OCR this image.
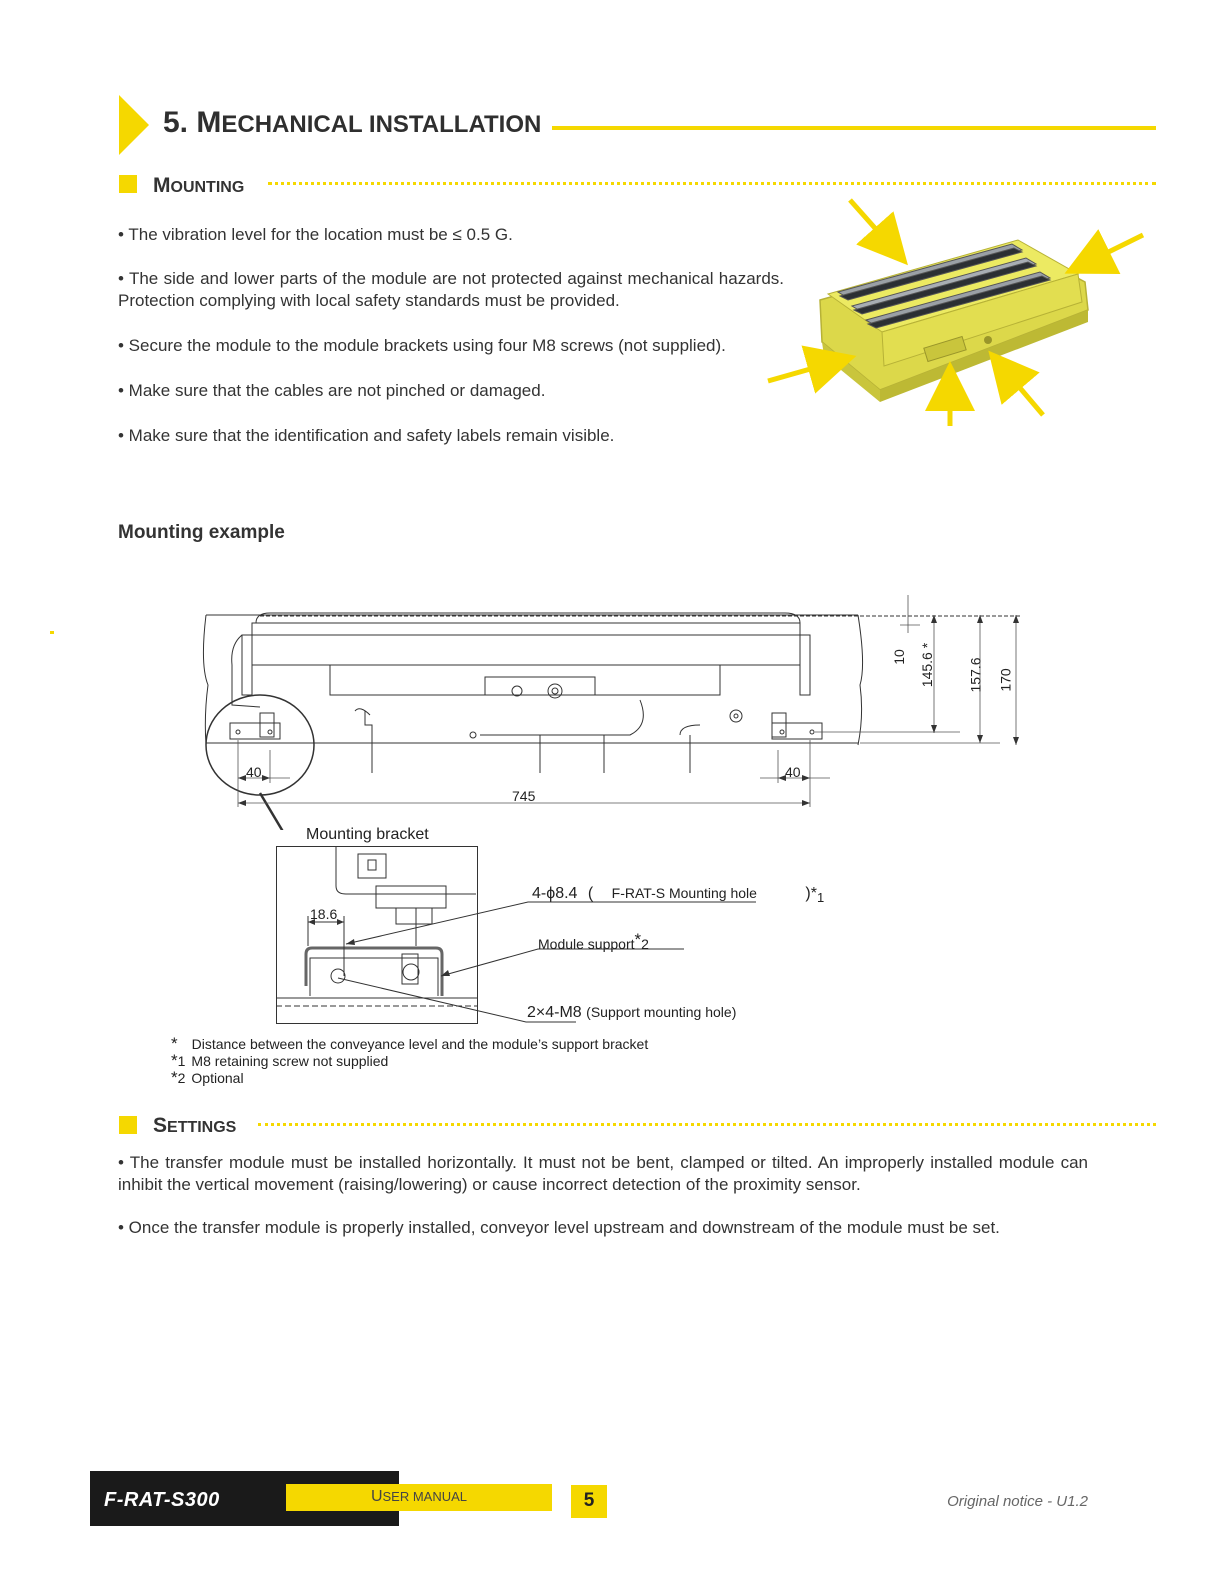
5. MECHANICAL INSTALLATION
MOUNTING
• The vibration level for the location must be ≤ 0.5 G.
• The side and lower parts of the module are not protected against mechanical hazards. Protection complying with local safety standards must be provided.
• Secure the module to the module brackets using four M8 screws (not supplied).
• Make sure that the cables are not pinched or damaged.
• Make sure that the identification and safety labels remain visible.
Mounting example
10 145.6 *
157.6 170
40	40
745
Mounting bracket
18.6
4-ϕ8.4 ( F-RAT-S Mounting hole	)$*_1$
Module support*2
2×4-M8 (Support mounting hole)
* Distance between the conveyance level and the module’s support bracket
*1 M8 retaining screw not supplied
*2 Optional
SETTINGS
• The transfer module must be installed horizontally. It must not be bent, clamped or tilted. An improperly installed module can inhibit the vertical movement (raising/lowering) or cause incorrect detection of the proximity sensor.
• Once the transfer module is properly installed, conveyor level upstream and downstream of the module must be set.
F-RAT-S300	USER MANUAL	5	Original notice - U1.2
